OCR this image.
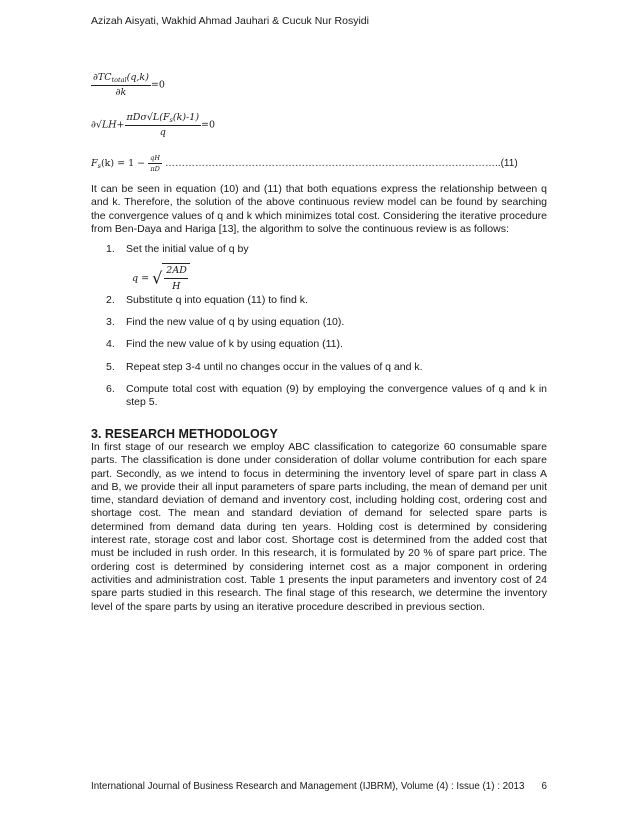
Azizah Aisyati, Wakhid Ahmad Jauhari & Cucuk Nur Rosyidi
$\frac{\partial TC_{total}(q,k)}{\partial k} =0$
$\partial√LH+ \frac{\pi D\sigma√L(F_s(k)-1)}{q} =0$
$F_s(k) = 1 - \frac{qH}{\pi D}$ ………………………………………………………………………………………..(11)
It can be seen in equation (10) and (11) that both equations express the relationship between q and k. Therefore, the solution of the above continuous review model can be found by searching the convergence values of q and k which minimizes total cost. Considering the iterative procedure from Ben-Daya and Hariga [13], the algorithm to solve the continuous review is as follows:
1. Set the initial value of q by
$q = √\frac{2AD}{H}$
2. Substitute q into equation (11) to find k.
3. Find the new value of q by using equation (10).
4. Find the new value of k by using equation (11).
5. Repeat step 3-4 until no changes occur in the values of q and k.
6. Compute total cost with equation (9) by employing the convergence values of q and k in step 5.
3. RESEARCH METHODOLOGY
In first stage of our research we employ ABC classification to categorize 60 consumable spare parts. The classification is done under consideration of dollar volume contribution for each spare part. Secondly, as we intend to focus in determining the inventory level of spare part in class A and B, we provide their all input parameters of spare parts including, the mean of demand per unit time, standard deviation of demand and inventory cost, including holding cost, ordering cost and shortage cost. The mean and standard deviation of demand for selected spare parts is determined from demand data during ten years. Holding cost is determined by considering interest rate, storage cost and labor cost. Shortage cost is determined from the added cost that must be included in rush order. In this research, it is formulated by 20 % of spare part price. The ordering cost is determined by considering internet cost as a major component in ordering activities and administration cost. Table 1 presents the input parameters and inventory cost of 24 spare parts studied in this research. The final stage of this research, we determine the inventory level of the spare parts by using an iterative procedure described in previous section.
International Journal of Business Research and Management (IJBRM), Volume (4) : Issue (1) : 2013 6
